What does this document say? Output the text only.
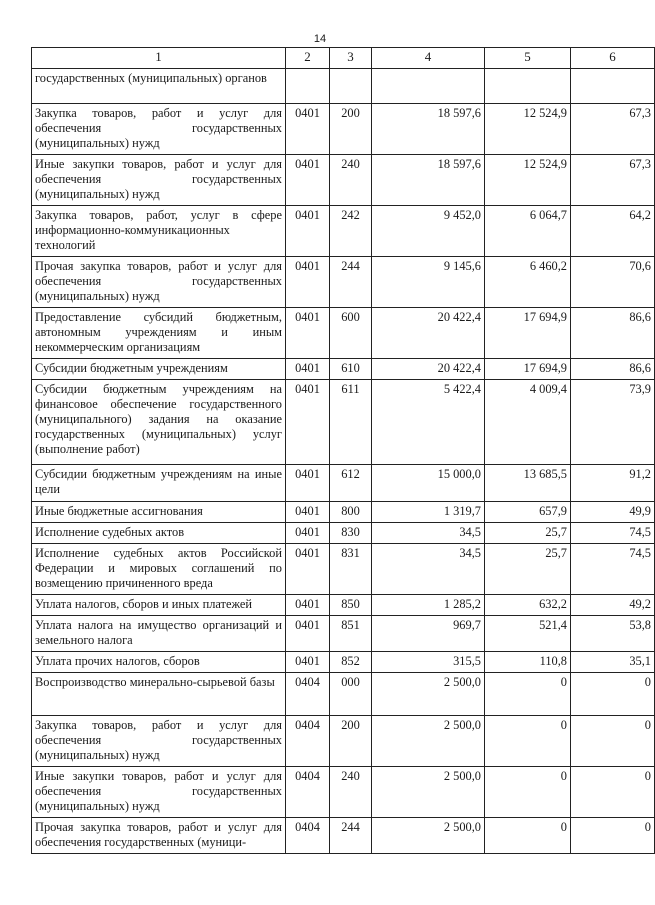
14
1	2	3	4	5	6
государственных (муниципальных) органов					
Закупка товаров, работ и услуг для обеспечения государственных (муниципальных) нужд	0401	200	18 597,6	12 524,9	67,3
Иные закупки товаров, работ и услуг для обеспечения государственных (муниципальных) нужд	0401	240	18 597,6	12 524,9	67,3
Закупка товаров, работ, услуг в сфере информационно-коммуникационных технологий	0401	242	9 452,0	6 064,7	64,2
Прочая закупка товаров, работ и услуг для обеспечения государственных (муниципальных) нужд	0401	244	9 145,6	6 460,2	70,6
Предоставление субсидий бюджетным, автономным учреждениям и иным некоммерческим организациям	0401	600	20 422,4	17 694,9	86,6
Субсидии бюджетным учреждениям	0401	610	20 422,4	17 694,9	86,6
Субсидии бюджетным учреждениям на финансовое обеспечение государственного (муниципального) задания на оказание государственных (муниципальных) услуг (выполнение работ)	0401	611	5 422,4	4 009,4	73,9
Субсидии бюджетным учреждениям на иные цели	0401	612	15 000,0	13 685,5	91,2
Иные бюджетные ассигнования	0401	800	1 319,7	657,9	49,9
Исполнение судебных актов	0401	830	34,5	25,7	74,5
Исполнение судебных актов Российской Федерации и мировых соглашений по возмещению причиненного вреда	0401	831	34,5	25,7	74,5
Уплата налогов, сборов и иных платежей	0401	850	1 285,2	632,2	49,2
Уплата налога на имущество организаций и земельного налога	0401	851	969,7	521,4	53,8
Уплата прочих налогов, сборов	0401	852	315,5	110,8	35,1
Воспроизводство минерально-сырьевой базы	0404	000	2 500,0	0	0
Закупка товаров, работ и услуг для обеспечения государственных (муниципальных) нужд	0404	200	2 500,0	0	0
Иные закупки товаров, работ и услуг для обеспечения государственных (муниципальных) нужд	0404	240	2 500,0	0	0
Прочая закупка товаров, работ и услуг для обеспечения государственных (муници-	0404	244	2 500,0	0	0
